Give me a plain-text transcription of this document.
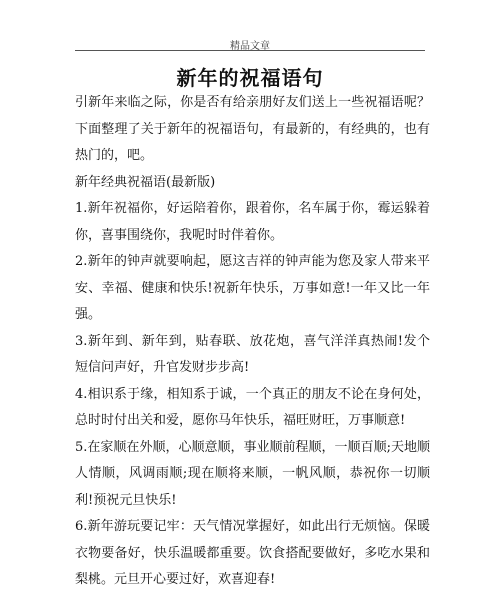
精品文章
新年的祝福语句

引新年来临之际，你是否有给亲朋好友们送上一些祝福语呢？下面整理了关于新年的祝福语句，有最新的，有经典的，也有热门的，吧。

新年经典祝福语(最新版)

1.新年祝福你，好运陪着你，跟着你，名车属于你，霉运躲着你，喜事围绕你，我呢时时伴着你。

2.新年的钟声就要响起，愿这吉祥的钟声能为您及家人带来平安、幸福、健康和快乐!祝新年快乐，万事如意!一年又比一年强。

3.新年到、新年到，贴春联、放花炮，喜气洋洋真热闹!发个短信问声好，升官发财步步高!

4.相识系于缘，相知系于诚，一个真正的朋友不论在身何处，总时时付出关和爱，愿你马年快乐，福旺财旺，万事顺意!

5.在家顺在外顺，心顺意顺，事业顺前程顺，一顺百顺;天地顺人情顺，风调雨顺;现在顺将来顺，一帆风顺，恭祝你一切顺利!预祝元旦快乐!

6.新年游玩要记牢：天气情况掌握好，如此出行无烦恼。保暖衣物要备好，快乐温暖都重要。饮食搭配要做好，多吃水果和梨桃。元旦开心要过好，欢喜迎春!
